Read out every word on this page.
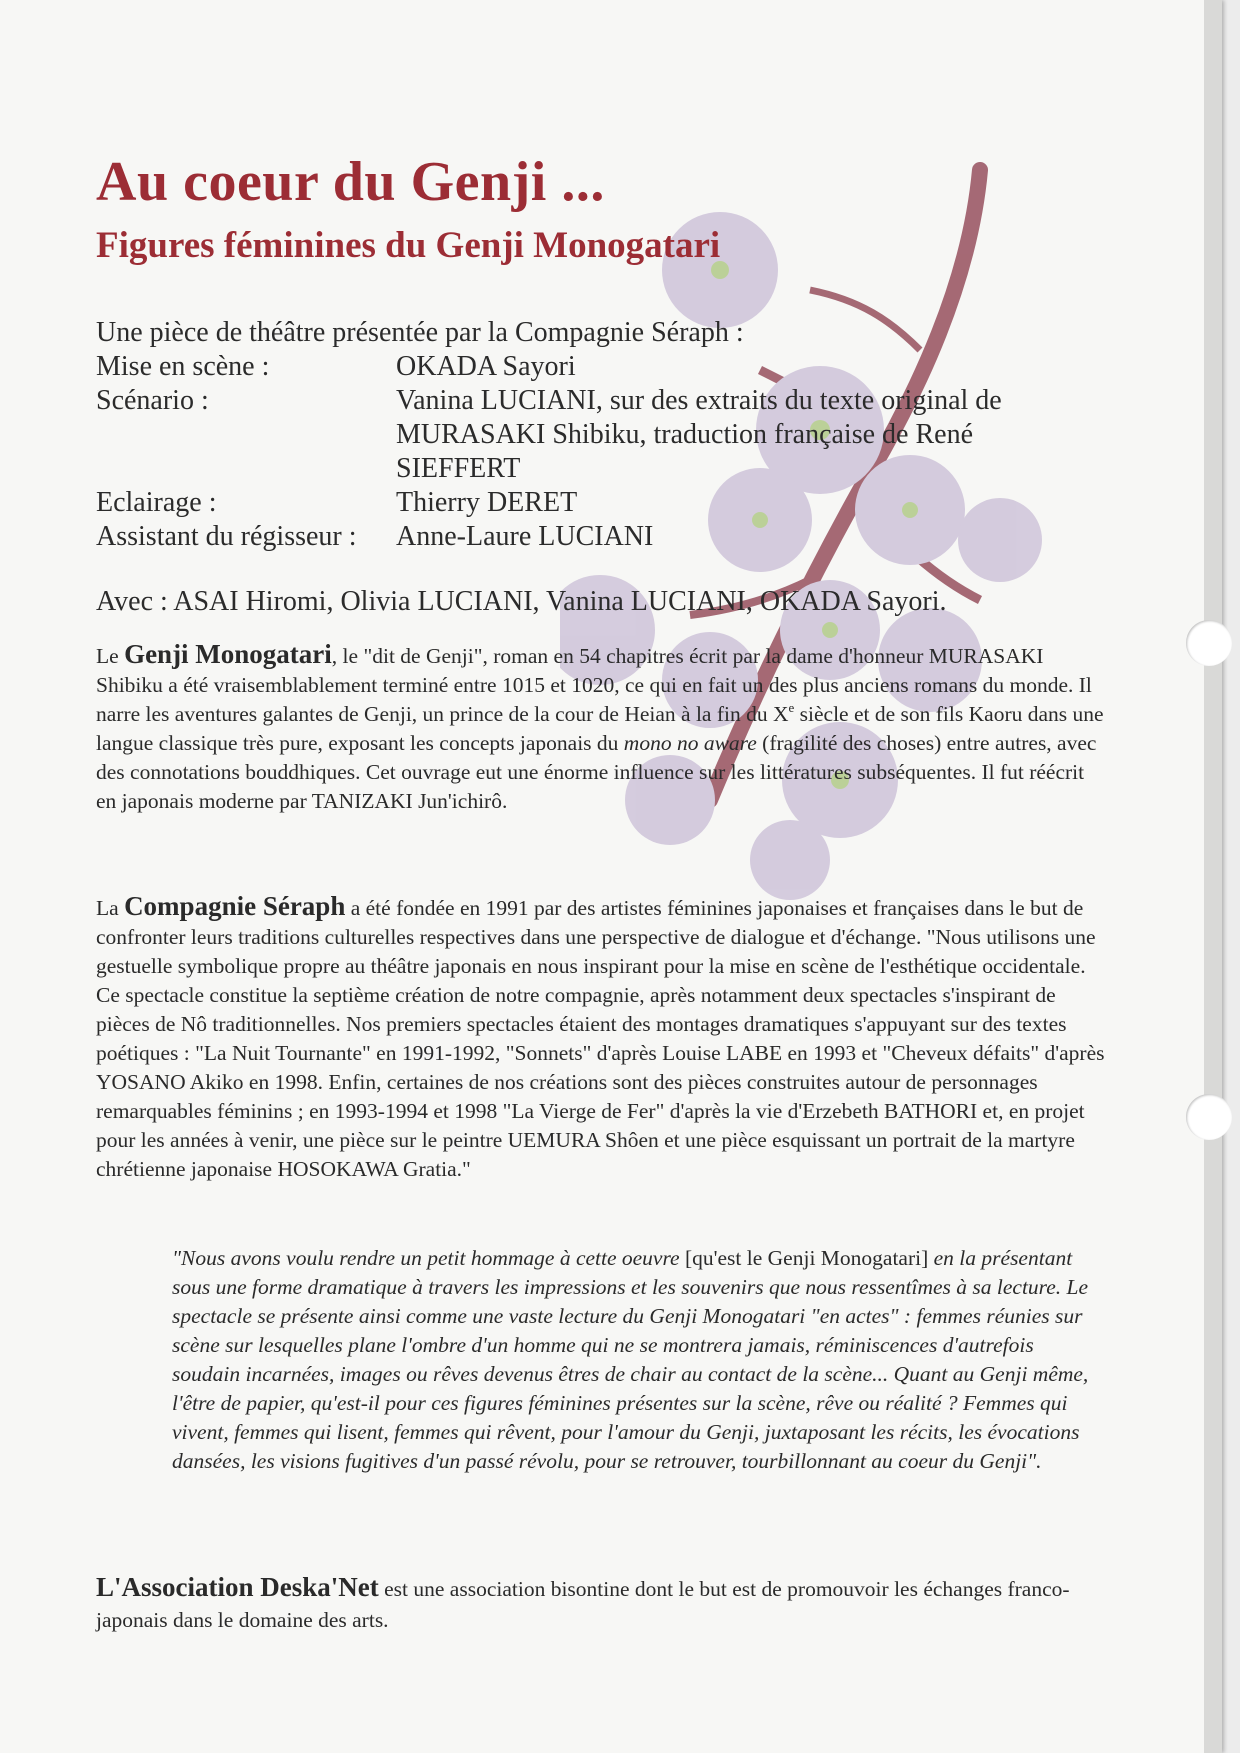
Au coeur du Genji ...
Figures féminines du Genji Monogatari
Une pièce de théâtre présentée par la Compagnie Séraph :
Mise en scène :	OKADA Sayori
Scénario :	Vanina LUCIANI, sur des extraits du texte original de MURASAKI Shibiku, traduction française de René SIEFFERT
Eclairage :	Thierry DERET
Assistant du régisseur :	Anne-Laure LUCIANI
Avec : ASAI Hiromi, Olivia LUCIANI, Vanina LUCIANI, OKADA Sayori.

Le Genji Monogatari, le "dit de Genji", roman en 54 chapitres écrit par la dame d'honneur MURASAKI Shibiku a été vraisemblablement terminé entre 1015 et 1020, ce qui en fait un des plus anciens romans du monde. Il narre les aventures galantes de Genji, un prince de la cour de Heian à la fin du Xe siècle et de son fils Kaoru dans une langue classique très pure, exposant les concepts japonais du mono no aware (fragilité des choses) entre autres, avec des connotations bouddhiques. Cet ouvrage eut une énorme influence sur les littératures subséquentes. Il fut réécrit en japonais moderne par TANIZAKI Jun'ichirô.

La Compagnie Séraph a été fondée en 1991 par des artistes féminines japonaises et françaises dans le but de confronter leurs traditions culturelles respectives dans une perspective de dialogue et d'échange. "Nous utilisons une gestuelle symbolique propre au théâtre japonais en nous inspirant pour la mise en scène de l'esthétique occidentale. Ce spectacle constitue la septième création de notre compagnie, après notamment deux spectacles s'inspirant de pièces de Nô traditionnelles. Nos premiers spectacles étaient des montages dramatiques s'appuyant sur des textes poétiques : "La Nuit Tournante" en 1991-1992, "Sonnets" d'après Louise LABE en 1993 et "Cheveux défaits" d'après YOSANO Akiko en 1998. Enfin, certaines de nos créations sont des pièces construites autour de personnages remarquables féminins ; en 1993-1994 et 1998 "La Vierge de Fer" d'après la vie d'Erzebeth BATHORI et, en projet pour les années à venir, une pièce sur le peintre UEMURA Shôen et une pièce esquissant un portrait de la martyre chrétienne japonaise HOSOKAWA Gratia."

"Nous avons voulu rendre un petit hommage à cette oeuvre [qu'est le Genji Monogatari] en la présentant sous une forme dramatique à travers les impressions et les souvenirs que nous ressentîmes à sa lecture. Le spectacle se présente ainsi comme une vaste lecture du Genji Monogatari "en actes" : femmes réunies sur scène sur lesquelles plane l'ombre d'un homme qui ne se montrera jamais, réminiscences d'autrefois soudain incarnées, images ou rêves devenus êtres de chair au contact de la scène... Quant au Genji même, l'être de papier, qu'est-il pour ces figures féminines présentes sur la scène, rêve ou réalité ? Femmes qui vivent, femmes qui lisent, femmes qui rêvent, pour l'amour du Genji, juxtaposant les récits, les évocations dansées, les visions fugitives d'un passé révolu, pour se retrouver, tourbillonnant au coeur du Genji".

L'Association Deska'Net est une association bisontine dont le but est de promouvoir les échanges franco-japonais dans le domaine des arts.
